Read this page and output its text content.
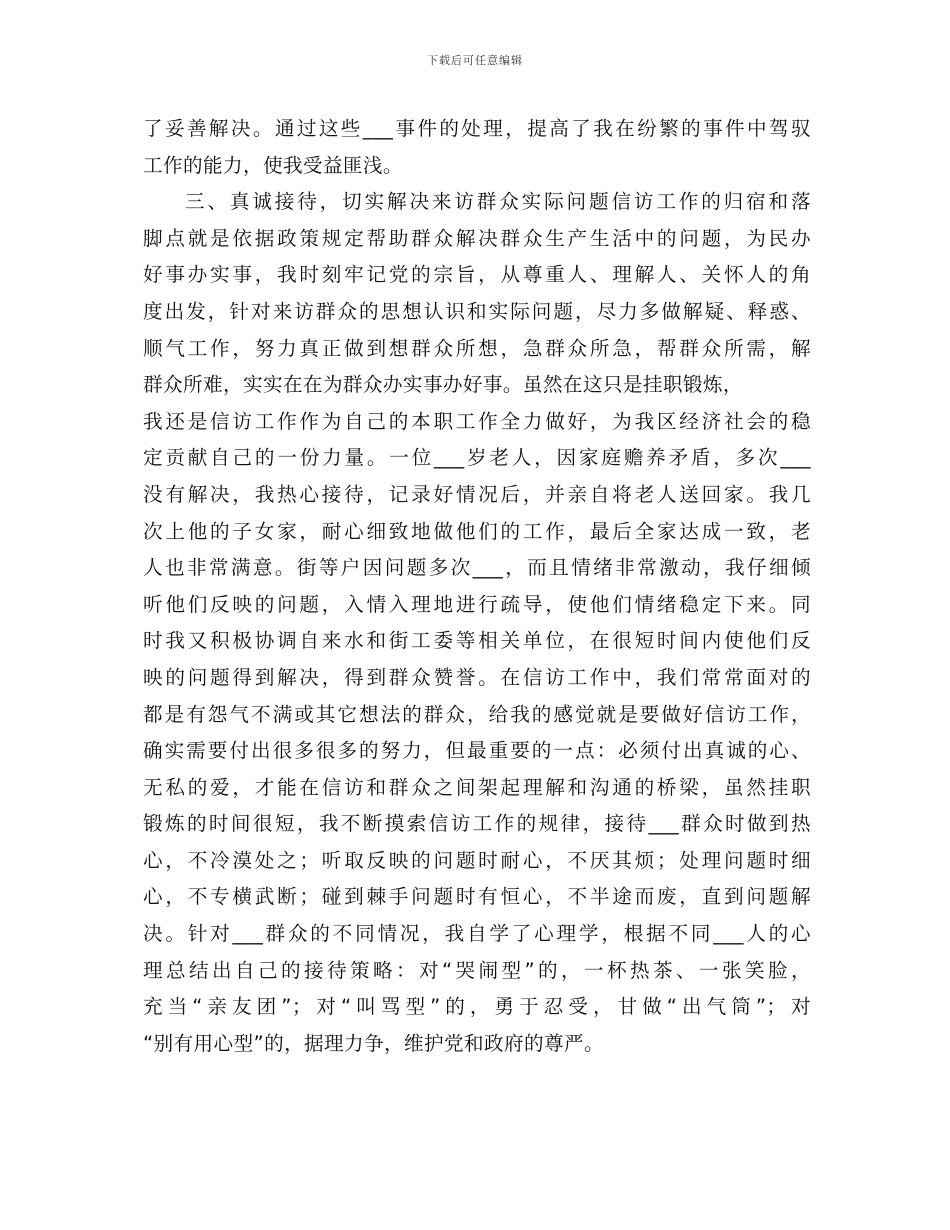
下载后可任意编辑
了妥善解决。通过这些___事件的处理，提高了我在纷繁的事件中驾驭
工作的能力，使我受益匪浅。
三、真诚接待，切实解决来访群众实际问题信访工作的归宿和落
脚点就是依据政策规定帮助群众解决群众生产生活中的问题，为民办
好事办实事，我时刻牢记党的宗旨，从尊重人、理解人、关怀人的角
度出发，针对来访群众的思想认识和实际问题，尽力多做解疑、释惑、
顺气工作，努力真正做到想群众所想，急群众所急，帮群众所需，解
群众所难，实实在在为群众办实事办好事。虽然在这只是挂职锻炼，
我还是信访工作作为自己的本职工作全力做好，为我区经济社会的稳
定贡献自己的一份力量。一位___岁老人，因家庭赡养矛盾，多次___
没有解决，我热心接待，记录好情况后，并亲自将老人送回家。我几
次上他的子女家，耐心细致地做他们的工作，最后全家达成一致，老
人也非常满意。街等户因问题多次___，而且情绪非常激动，我仔细倾
听他们反映的问题，入情入理地进行疏导，使他们情绪稳定下来。同
时我又积极协调自来水和街工委等相关单位，在很短时间内使他们反
映的问题得到解决，得到群众赞誉。在信访工作中，我们常常面对的
都是有怨气不满或其它想法的群众，给我的感觉就是要做好信访工作，
确实需要付出很多很多的努力，但最重要的一点：必须付出真诚的心、
无私的爱，才能在信访和群众之间架起理解和沟通的桥梁，虽然挂职
锻炼的时间很短，我不断摸索信访工作的规律，接待___群众时做到热
心，不冷漠处之；听取反映的问题时耐心，不厌其烦；处理问题时细
心，不专横武断；碰到棘手问题时有恒心，不半途而废，直到问题解
决。针对___群众的不同情况，我自学了心理学，根据不同___人的心
理总结出自己的接待策略：对“哭闹型”的，一杯热茶、一张笑脸，
充当“亲友团”；对“叫骂型”的，勇于忍受，甘做“出气筒”；对
“别有用心型”的，据理力争，维护党和政府的尊严。
